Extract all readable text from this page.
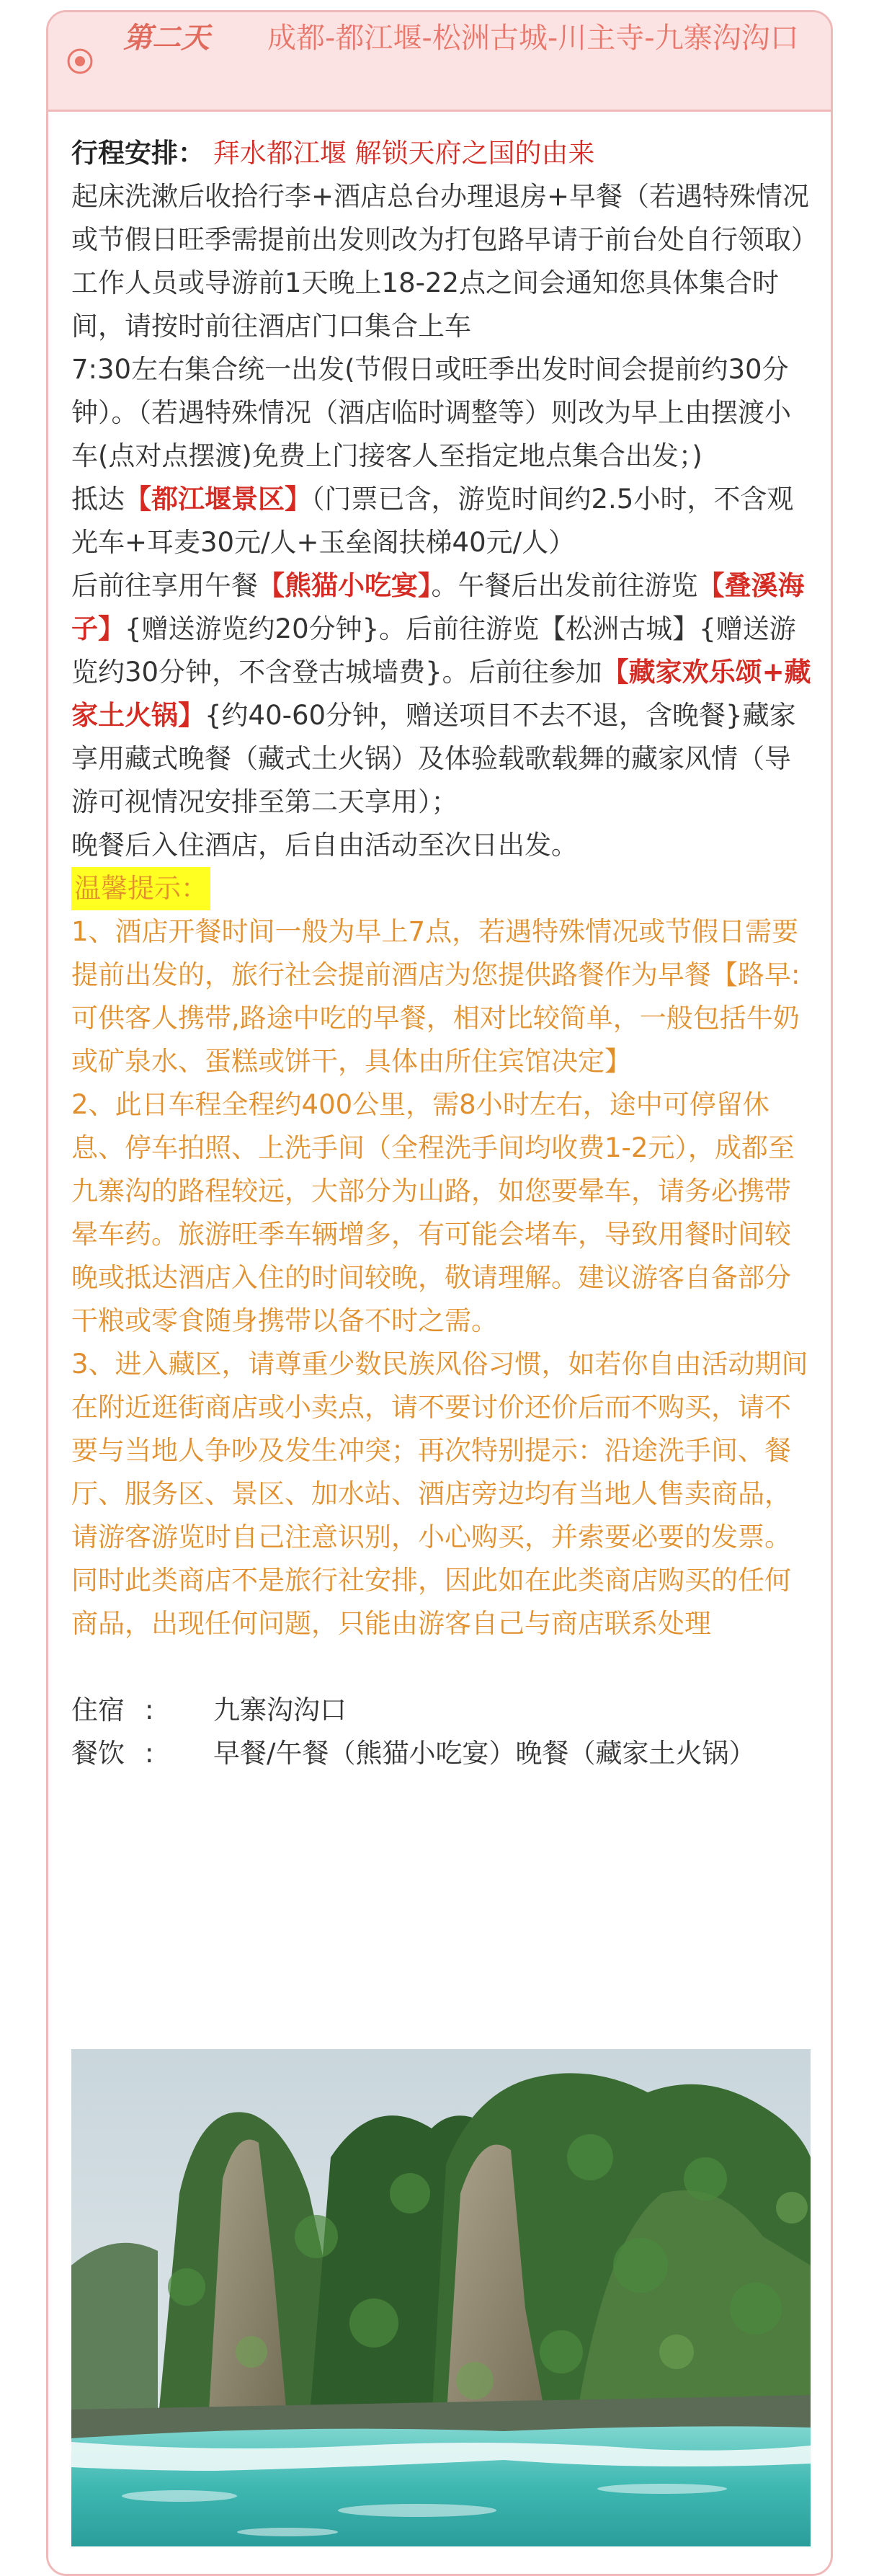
第二天 成都-都江堰-松洲古城-川主寺-九寨沟沟口

行程安排： 拜水都江堰 解锁天府之国的由来

起床洗漱后收拾行李+酒店总台办理退房+早餐（若遇特殊情况或节假日旺季需提前出发则改为打包路早请于前台处自行领取）

工作人员或导游前1天晚上18-22点之间会通知您具体集合时间，请按时前往酒店门口集合上车

7:30左右集合统一出发(节假日或旺季出发时间会提前约30分钟）。（若遇特殊情况（酒店临时调整等）则改为早上由摆渡小车(点对点摆渡)免费上门接客人至指定地点集合出发；)

抵达【都江堰景区】（门票已含，游览时间约2.5小时，不含观光车+耳麦30元/人+玉垒阁扶梯40元/人）

后前往享用午餐【熊猫小吃宴】。午餐后出发前往游览【叠溪海子】{赠送游览约20分钟}。后前往游览【松洲古城】{赠送游览约30分钟，不含登古城墙费}。后前往参加【藏家欢乐颂+藏家土火锅】{约40-60分钟，赠送项目不去不退，含晚餐}藏家享用藏式晚餐（藏式土火锅）及体验载歌载舞的藏家风情（导游可视情况安排至第二天享用）；

晚餐后入住酒店，后自由活动至次日出发。

温馨提示：

1、酒店开餐时间一般为早上7点，若遇特殊情况或节假日需要提前出发的，旅行社会提前酒店为您提供路餐作为早餐【路早:可供客人携带,路途中吃的早餐，相对比较简单，一般包括牛奶或矿泉水、蛋糕或饼干，具体由所住宾馆决定】

2、此日车程全程约400公里，需8小时左右，途中可停留休息、停车拍照、上洗手间（全程洗手间均收费1-2元），成都至九寨沟的路程较远，大部分为山路，如您要晕车，请务必携带晕车药。旅游旺季车辆增多，有可能会堵车，导致用餐时间较晚或抵达酒店入住的时间较晚，敬请理解。建议游客自备部分干粮或零食随身携带以备不时之需。

3、进入藏区，请尊重少数民族风俗习惯，如若你自由活动期间在附近逛街商店或小卖点，请不要讨价还价后而不购买，请不要与当地人争吵及发生冲突；再次特别提示：沿途洗手间、餐厅、服务区、景区、加水站、酒店旁边均有当地人售卖商品，请游客游览时自己注意识别，小心购买，并索要必要的发票。同时此类商店不是旅行社安排，因此如在此类商店购买的任何商品，出现任何问题，只能由游客自己与商店联系处理

住宿 :	九寨沟沟口
餐饮 :	早餐/午餐（熊猫小吃宴）晚餐（藏家土火锅）
